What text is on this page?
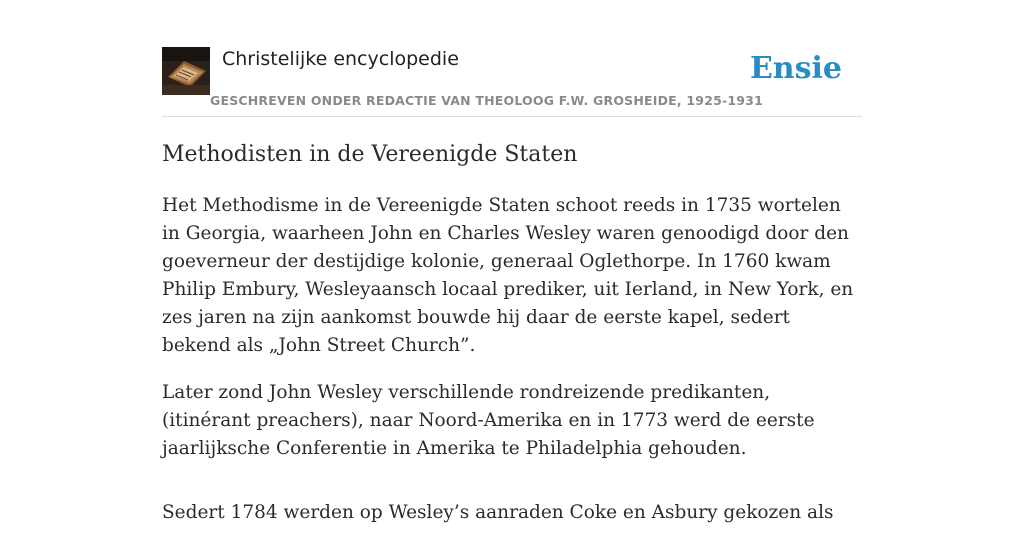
Christelijke encyclopedie
GESCHREVEN ONDER REDACTIE VAN THEOLOOG F.W. GROSHEIDE, 1925-1931
Ensie
Methodisten in de Vereenigde Staten

Het Methodisme in de Vereenigde Staten schoot reeds in 1735 wortelen in Georgia, waarheen John en Charles Wesley waren genoodigd door den goeverneur der destijdige kolonie, generaal Oglethorpe. In 1760 kwam Philip Embury, Wesleyaansch locaal prediker, uit Ierland, in New York, en zes jaren na zijn aankomst bouwde hij daar de eerste kapel, sedert bekend als „John Street Church”.

Later zond John Wesley verschillende rondreizende predikanten, (itinérant preachers), naar Noord-Amerika en in 1773 werd de eerste jaarlijksche Conferentie in Amerika te Philadelphia gehouden.

Sedert 1784 werden op Wesley’s aanraden Coke en Asbury gekozen als
